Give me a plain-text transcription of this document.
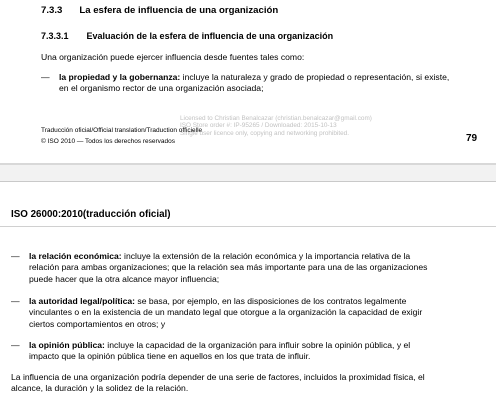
7.3.3 La esfera de influencia de una organización
7.3.3.1 Evaluación de la esfera de influencia de una organización
Una organización puede ejercer influencia desde fuentes tales como:
— la propiedad y la gobernanza: incluye la naturaleza y grado de propiedad o representación, si existe,
en el organismo rector de una organización asociada;
Licensed to Christian Benalcazar (christian.benalcazar@gmail.com)
ISO Store order #: IP-95265 / Downloaded: 2015-10-13
Single user licence only, copying and networking prohibited.
Traducción oficial/Official translation/Traduction officielle
© ISO 2010 — Todos los derechos reservados	79
ISO 26000:2010(traducción oficial)
— la relación económica: incluye la extensión de la relación económica y la importancia relativa de la
relación para ambas organizaciones; que la relación sea más importante para una de las organizaciones
puede hacer que la otra alcance mayor influencia;
— la autoridad legal/política: se basa, por ejemplo, en las disposiciones de los contratos legalmente
vinculantes o en la existencia de un mandato legal que otorgue a la organización la capacidad de exigir
ciertos comportamientos en otros; y
— la opinión pública: incluye la capacidad de la organización para influir sobre la opinión pública, y el
impacto que la opinión pública tiene en aquellos en los que trata de influir.
La influencia de una organización podría depender de una serie de factores, incluidos la proximidad física, el
alcance, la duración y la solidez de la relación.
